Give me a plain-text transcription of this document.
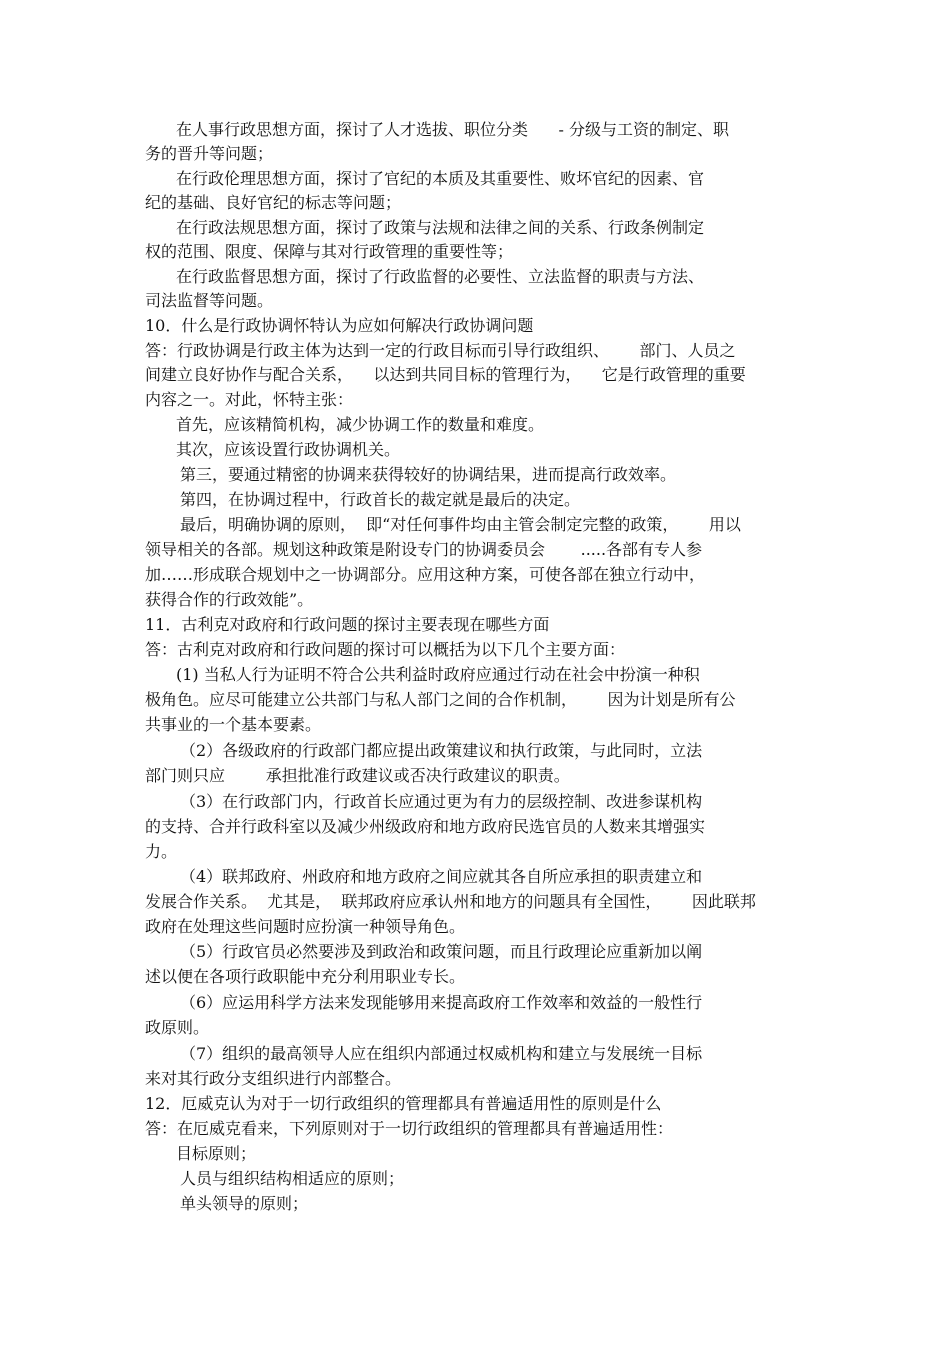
在人事行政思想方面，探讨了人才选拔、职位分类      - 分级与工资的制定、职

务的晋升等问题；

在行政伦理思想方面，探讨了官纪的本质及其重要性、败坏官纪的因素、官

纪的基础、良好官纪的标志等问题；

在行政法规思想方面，探讨了政策与法规和法律之间的关系、行政条例制定

权的范围、限度、保障与其对行政管理的重要性等；

在行政监督思想方面，探讨了行政监督的必要性、立法监督的职责与方法、

司法监督等问题。

10．什么是行政协调怀特认为应如何解决行政协调问题

答：行政协调是行政主体为达到一定的行政目标而引导行政组织、      部门、人员之

间建立良好协作与配合关系，    以达到共同目标的管理行为，    它是行政管理的重要

内容之一。对此，怀特主张：

首先，应该精简机构，减少协调工作的数量和难度。

其次，应该设置行政协调机关。

第三，要通过精密的协调来获得较好的协调结果，进而提高行政效率。

第四，在协调过程中，行政首长的裁定就是最后的决定。

最后，明确协调的原则，  即“对任何事件均由主管会制定完整的政策，      用以

领导相关的各部。规划这种政策是附设专门的协调委员会       .....各部有专人参

加……形成联合规划中之一协调部分。应用这种方案，可使各部在独立行动中，

获得合作的行政效能”。

11．古利克对政府和行政问题的探讨主要表现在哪些方面

答：古利克对政府和行政问题的探讨可以概括为以下几个主要方面：

(1) 当私人行为证明不符合公共利益时政府应通过行动在社会中扮演一种积

极角色。应尽可能建立公共部门与私人部门之间的合作机制，      因为计划是所有公

共事业的一个基本要素。

（2）各级政府的行政部门都应提出政策建议和执行政策，与此同时，立法

部门则只应        承担批准行政建议或否决行政建议的职责。

（3）在行政部门内，行政首长应通过更为有力的层级控制、改进参谋机构

的支持、合并行政科室以及减少州级政府和地方政府民选官员的人数来其增强实

力。

（4）联邦政府、州政府和地方政府之间应就其各自所应承担的职责建立和

发展合作关系。  尤其是，  联邦政府应承认州和地方的问题具有全国性，      因此联邦

政府在处理这些问题时应扮演一种领导角色。

（5）行政官员必然要涉及到政治和政策问题，而且行政理论应重新加以阐

述以便在各项行政职能中充分利用职业专长。

（6）应运用科学方法来发现能够用来提高政府工作效率和效益的一般性行

政原则。

（7）组织的最高领导人应在组织内部通过权威机构和建立与发展统一目标

来对其行政分支组织进行内部整合。

12．厄威克认为对于一切行政组织的管理都具有普遍适用性的原则是什么

答：在厄威克看来，下列原则对于一切行政组织的管理都具有普遍适用性：

目标原则；

人员与组织结构相适应的原则；

单头领导的原则；
